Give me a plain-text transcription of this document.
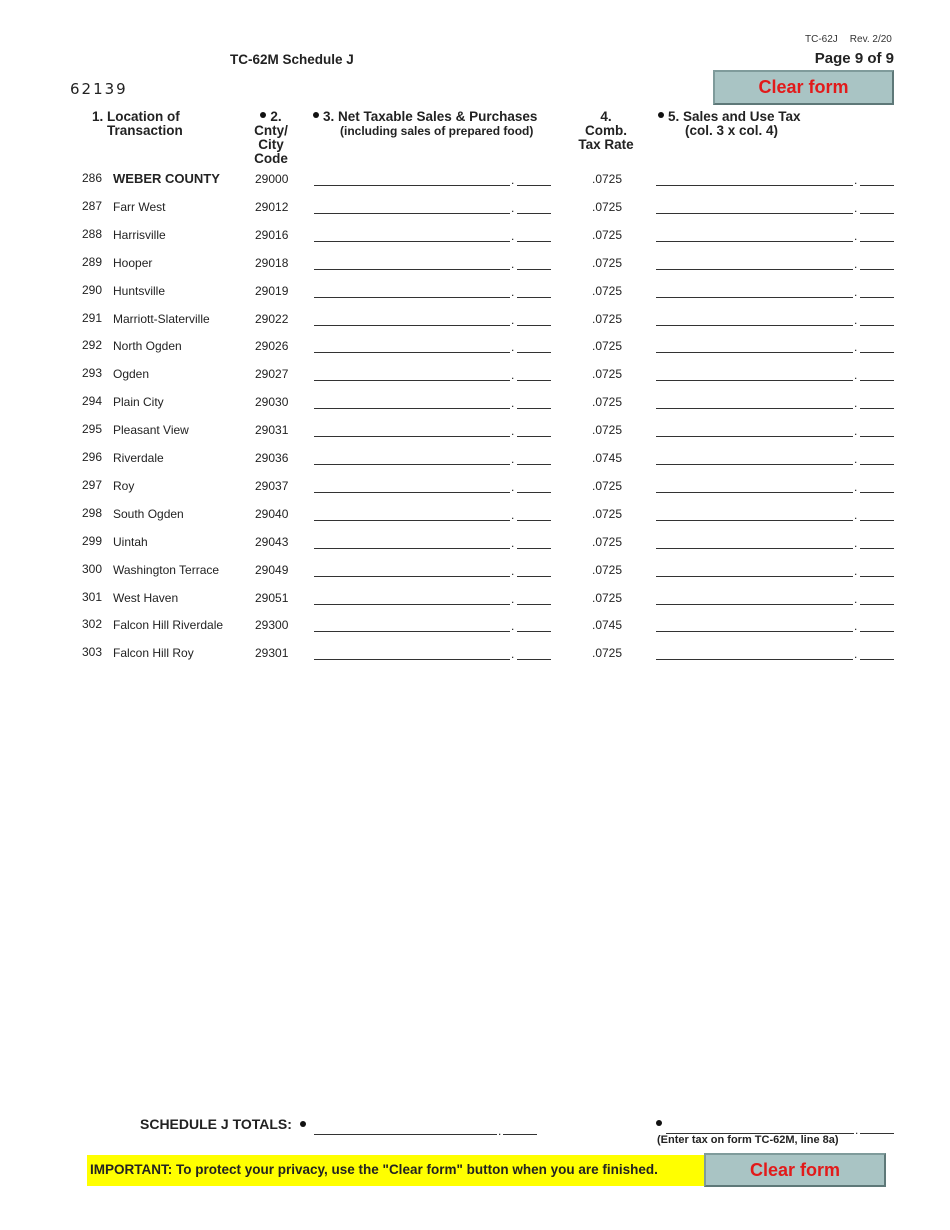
TC-62J Rev. 2/20
TC-62M Schedule J	Page 9 of 9
62139	Clear form
1. Location of
Transaction
2.
Cnty/
City
Code
3. Net Taxable Sales & Purchases
(including sales of prepared food)
4.
Comb.
Tax Rate
5. Sales and Use Tax
(col. 3 x col. 4)
286 WEBER COUNTY	29000	.	.0725	.
287 Farr West	29012	.	.0725	.
288 Harrisville	29016	.	.0725	.
289 Hooper	29018	.	.0725	.
290 Huntsville	29019	.	.0725	.
291 Marriott-Slaterville	29022	.	.0725	.
292 North Ogden	29026	.	.0725	.
293 Ogden	29027	.	.0725	.
294 Plain City	29030	.	.0725	.
295 Pleasant View	29031	.	.0725	.
296 Riverdale	29036	.	.0745	.
297 Roy	29037	.	.0725	.
298 South Ogden	29040	.	.0725	.
299 Uintah	29043	.	.0725	.
300 Washington Terrace	29049	.	.0725	.
301 West Haven	29051	.	.0725	.
302 Falcon Hill Riverdale	29300	.	.0745	.
303 Falcon Hill Roy	29301	.	.0725	.
SCHEDULE J TOTALS:	.	.
(Enter tax on form TC-62M, line 8a)
IMPORTANT: To protect your privacy, use the "Clear form" button when you are finished.	Clear form
